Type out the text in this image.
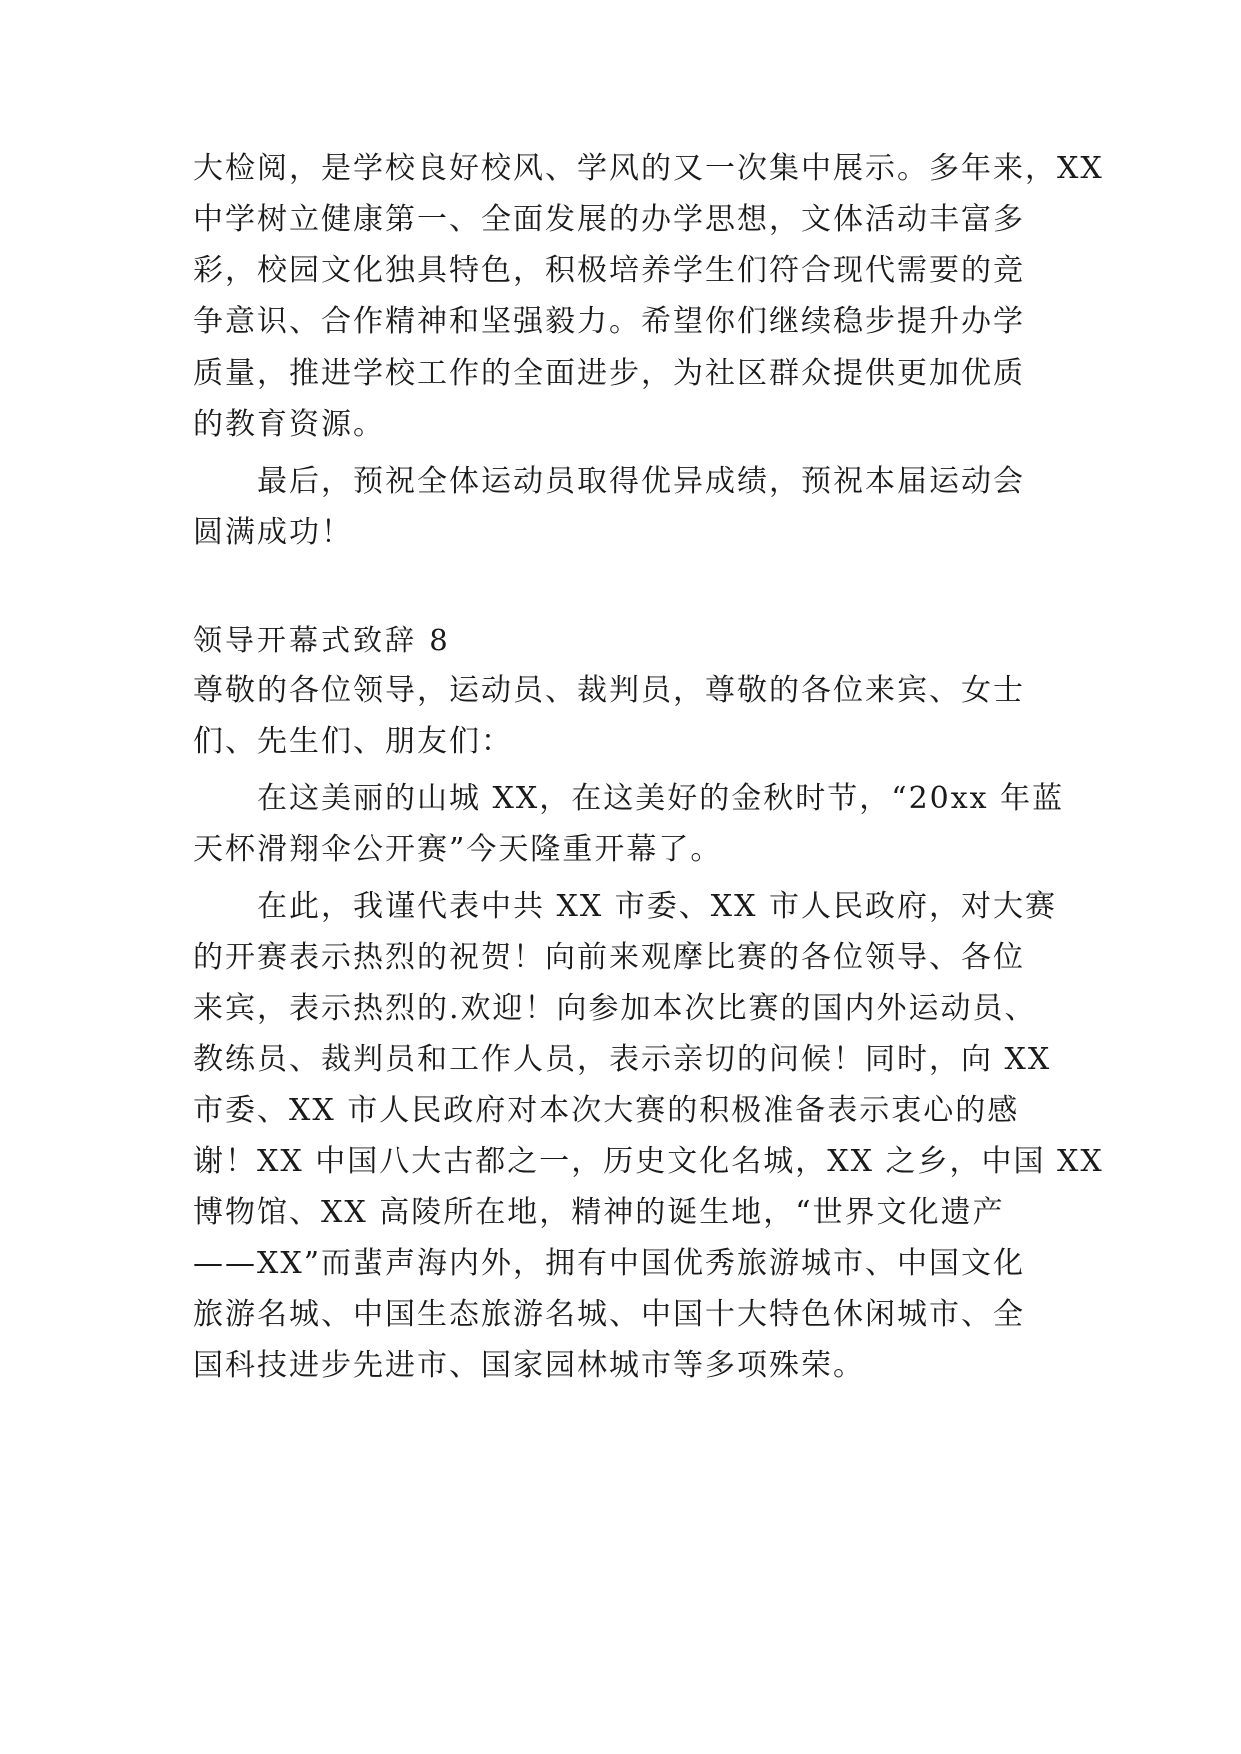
大检阅，是学校良好校风、学风的又一次集中展示。多年来，XX
中学树立健康第一、全面发展的办学思想，文体活动丰富多
彩，校园文化独具特色，积极培养学生们符合现代需要的竞
争意识、合作精神和坚强毅力。希望你们继续稳步提升办学
质量，推进学校工作的全面进步，为社区群众提供更加优质
的教育资源。
最后，预祝全体运动员取得优异成绩，预祝本届运动会
圆满成功！
领导开幕式致辞 8
尊敬的各位领导，运动员、裁判员，尊敬的各位来宾、女士
们、先生们、朋友们：
在这美丽的山城 XX，在这美好的金秋时节，“20xx 年蓝
天杯滑翔伞公开赛”今天隆重开幕了。
在此，我谨代表中共 XX 市委、XX 市人民政府，对大赛
的开赛表示热烈的祝贺！向前来观摩比赛的各位领导、各位
来宾，表示热烈的.欢迎！向参加本次比赛的国内外运动员、
教练员、裁判员和工作人员，表示亲切的问候！同时，向 XX
市委、XX 市人民政府对本次大赛的积极准备表示衷心的感
谢！XX 中国八大古都之一，历史文化名城，XX 之乡，中国 XX
博物馆、XX 高陵所在地，精神的诞生地，“世界文化遗产
——XX”而蜚声海内外，拥有中国优秀旅游城市、中国文化
旅游名城、中国生态旅游名城、中国十大特色休闲城市、全
国科技进步先进市、国家园林城市等多项殊荣。
